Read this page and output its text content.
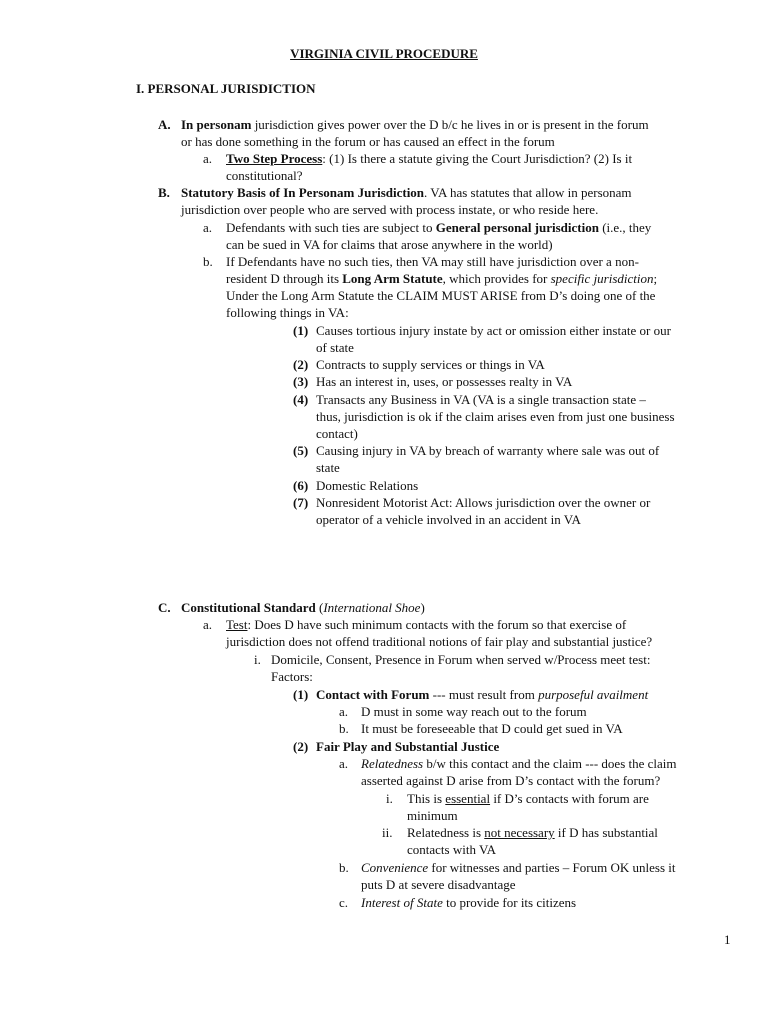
VIRGINIA CIVIL PROCEDURE
I. PERSONAL JURISDICTION
A. In personam jurisdiction gives power over the D b/c he lives in or is present in the forum
or has done something in the forum or has caused an effect in the forum
a. Two Step Process: (1) Is there a statute giving the Court Jurisdiction? (2) Is it
constitutional?
B. Statutory Basis of In Personam Jurisdiction. VA has statutes that allow in personam
jurisdiction over people who are served with process instate, or who reside here.
a. Defendants with such ties are subject to General personal jurisdiction (i.e., they
can be sued in VA for claims that arose anywhere in the world)
b. If Defendants have no such ties, then VA may still have jurisdiction over a non-
resident D through its Long Arm Statute, which provides for specific jurisdiction;
Under the Long Arm Statute the CLAIM MUST ARISE from D’s doing one of the
following things in VA:
(1) Causes tortious injury instate by act or omission either instate or our
of state
(2) Contracts to supply services or things in VA
(3) Has an interest in, uses, or possesses realty in VA
(4) Transacts any Business in VA (VA is a single transaction state –
thus, jurisdiction is ok if the claim arises even from just one business
contact)
(5) Causing injury in VA by breach of warranty where sale was out of
state
(6) Domestic Relations
(7) Nonresident Motorist Act: Allows jurisdiction over the owner or
operator of a vehicle involved in an accident in VA
C. Constitutional Standard (International Shoe)
a. Test: Does D have such minimum contacts with the forum so that exercise of
jurisdiction does not offend traditional notions of fair play and substantial justice?
i. Domicile, Consent, Presence in Forum when served w/Process meet test:
Factors:
(1) Contact with Forum --- must result from purposeful availment
a. D must in some way reach out to the forum
b. It must be foreseeable that D could get sued in VA
(2) Fair Play and Substantial Justice
a. Relatedness b/w this contact and the claim --- does the claim
asserted against D arise from D’s contact with the forum?
i. This is essential if D’s contacts with forum are
minimum
ii. Relatedness is not necessary if D has substantial
contacts with VA
b. Convenience for witnesses and parties – Forum OK unless it
puts D at severe disadvantage
c. Interest of State to provide for its citizens
1
